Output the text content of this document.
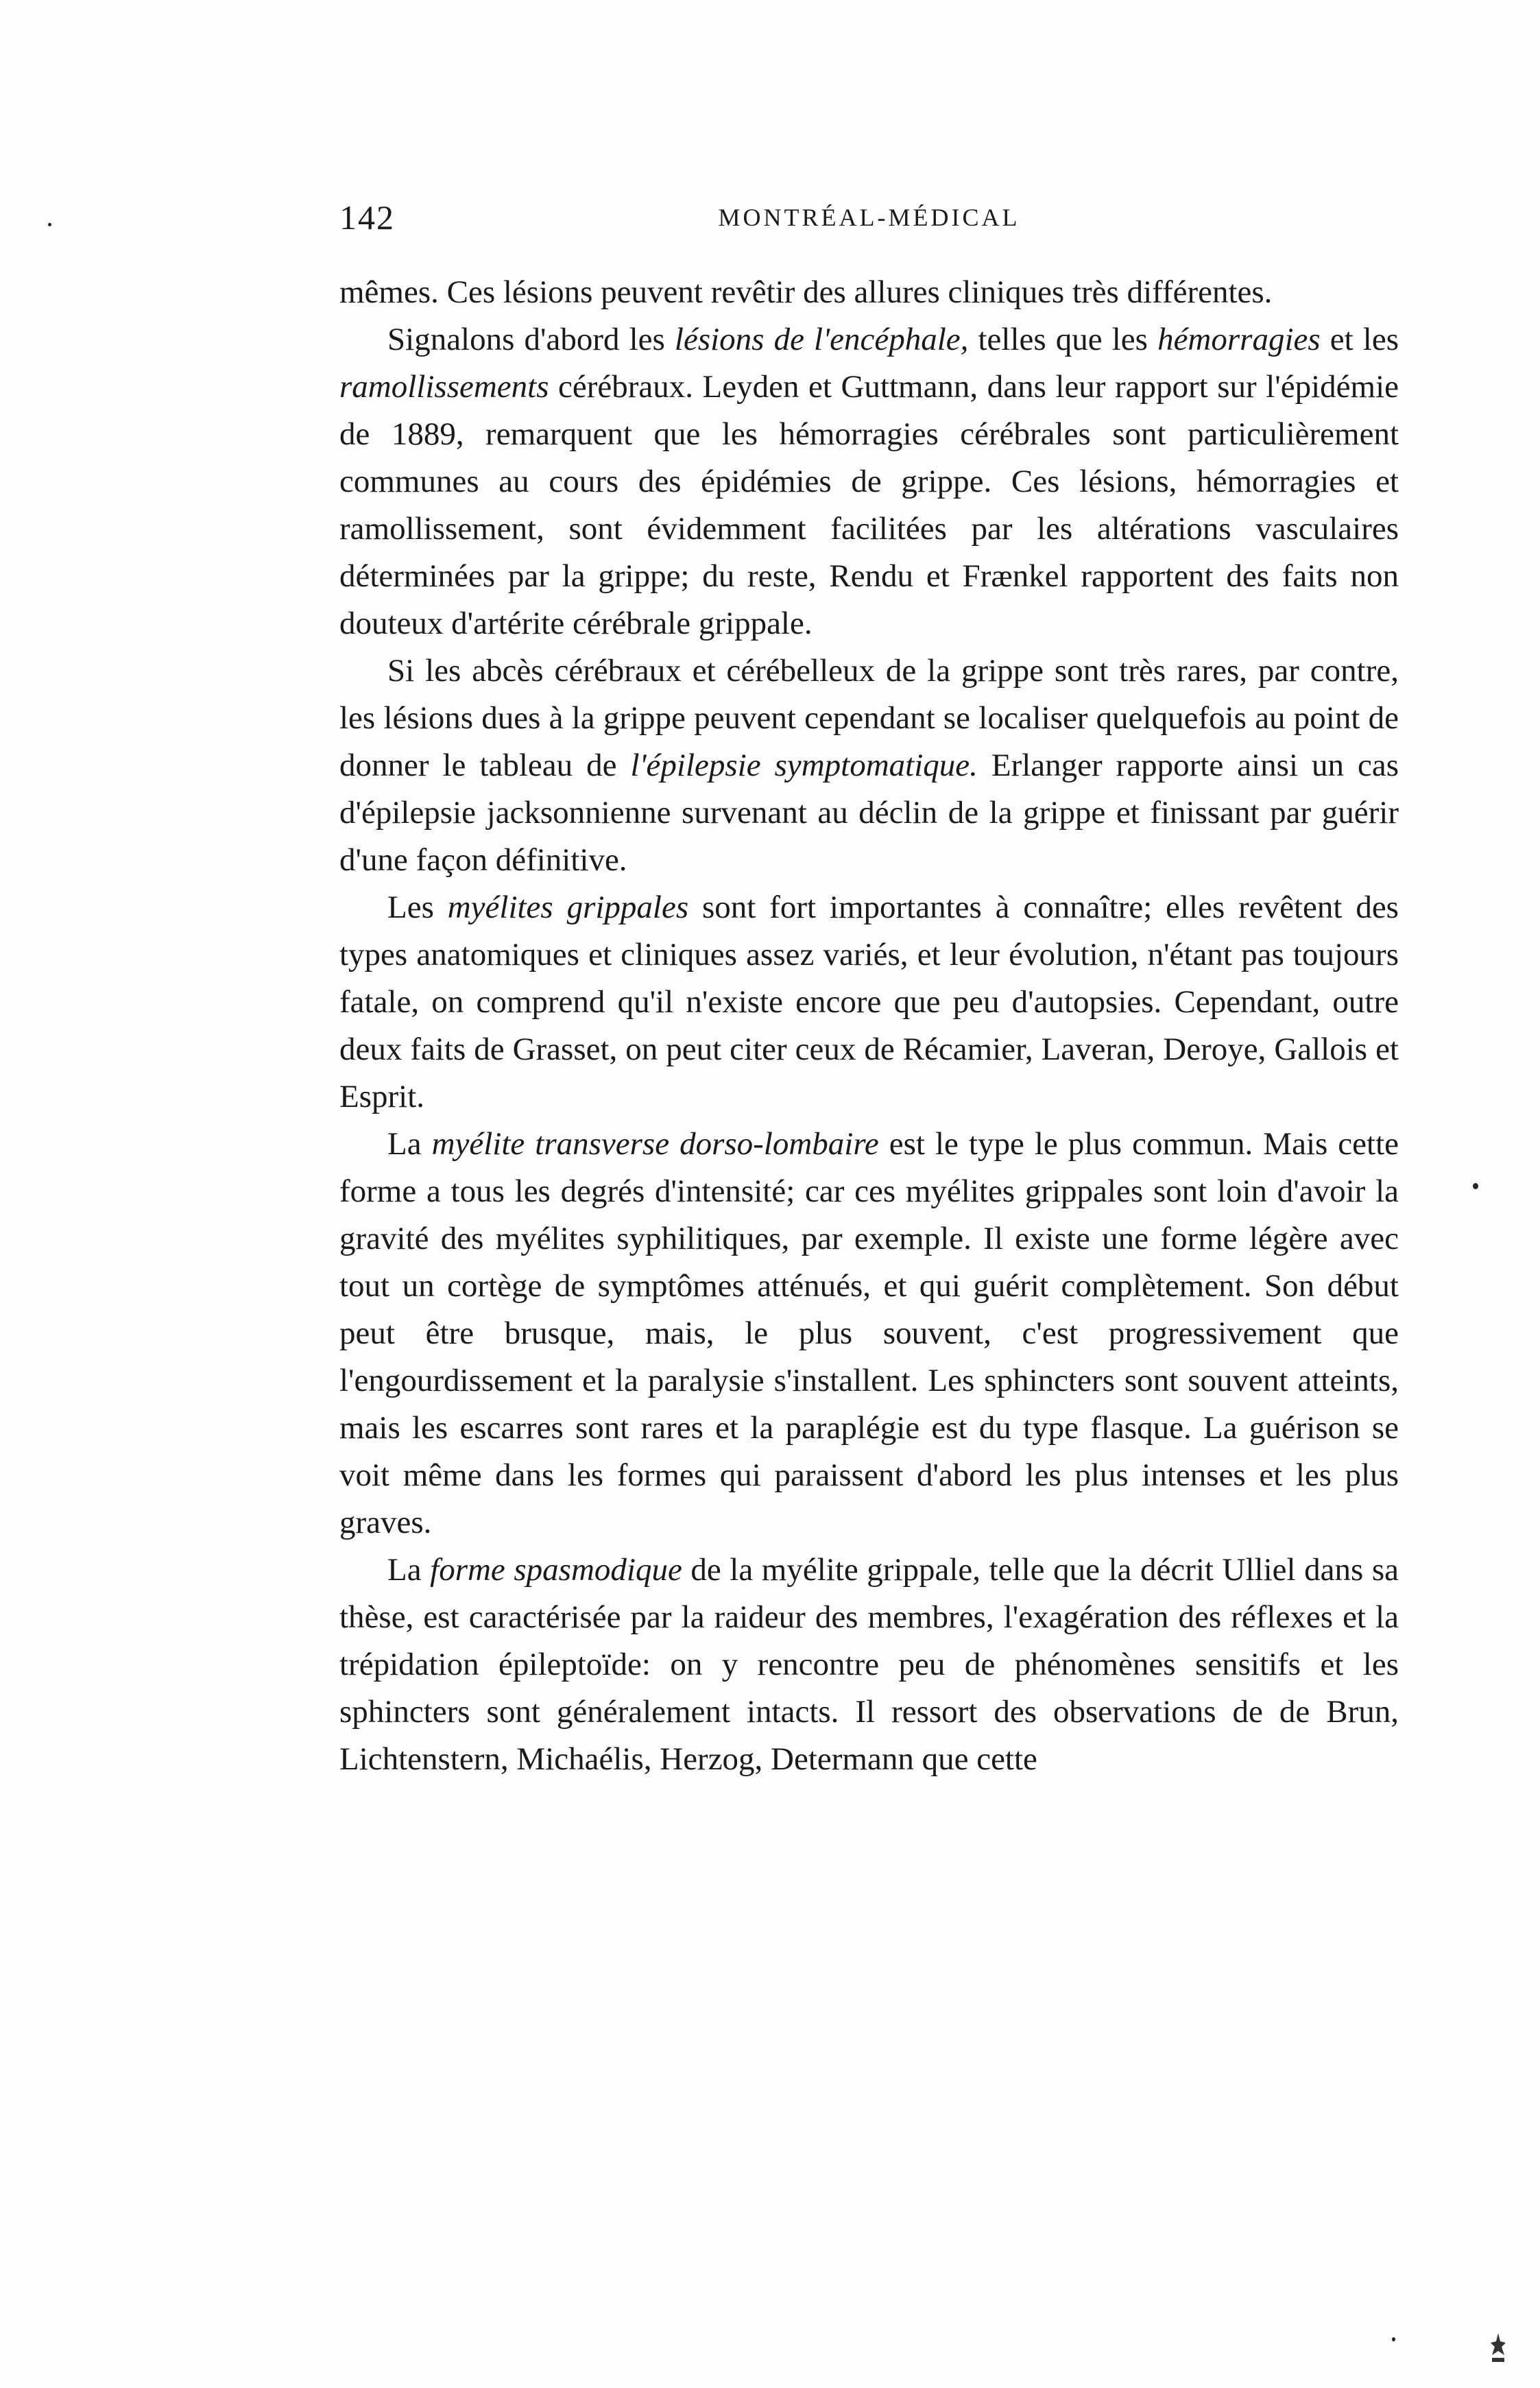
142	MONTRÉAL-MÉDICAL

mêmes. Ces lésions peuvent revêtir des allures cliniques très différentes.

Signalons d'abord les lésions de l'encéphale, telles que les hémorragies et les ramollissements cérébraux. Leyden et Guttmann, dans leur rapport sur l'épidémie de 1889, remarquent que les hémorragies cérébrales sont particulièrement communes au cours des épidémies de grippe. Ces lésions, hémorragies et ramollissement, sont évidemment facilitées par les altérations vasculaires déterminées par la grippe; du reste, Rendu et Frænkel rapportent des faits non douteux d'artérite cérébrale grippale.

Si les abcès cérébraux et cérébelleux de la grippe sont très rares, par contre, les lésions dues à la grippe peuvent cependant se localiser quelquefois au point de donner le tableau de l'épilepsie symptomatique. Erlanger rapporte ainsi un cas d'épilepsie jacksonnienne survenant au déclin de la grippe et finissant par guérir d'une façon définitive.

Les myélites grippales sont fort importantes à connaître; elles revêtent des types anatomiques et cliniques assez variés, et leur évolution, n'étant pas toujours fatale, on comprend qu'il n'existe encore que peu d'autopsies. Cependant, outre deux faits de Grasset, on peut citer ceux de Récamier, Laveran, Deroye, Gallois et Esprit.

La myélite transverse dorso-lombaire est le type le plus commun. Mais cette forme a tous les degrés d'intensité; car ces myélites grippales sont loin d'avoir la gravité des myélites syphilitiques, par exemple. Il existe une forme légère avec tout un cortège de symptômes atténués, et qui guérit complètement. Son début peut être brusque, mais, le plus souvent, c'est progressivement que l'engourdissement et la paralysie s'installent. Les sphincters sont souvent atteints, mais les escarres sont rares et la paraplégie est du type flasque. La guérison se voit même dans les formes qui paraissent d'abord les plus intenses et les plus graves.

La forme spasmodique de la myélite grippale, telle que la décrit Ulliel dans sa thèse, est caractérisée par la raideur des membres, l'exagération des réflexes et la trépidation épileptoïde: on y rencontre peu de phénomènes sensitifs et les sphincters sont généralement intacts. Il ressort des observations de de Brun, Lichtenstern, Michaélis, Herzog, Determann que cette
